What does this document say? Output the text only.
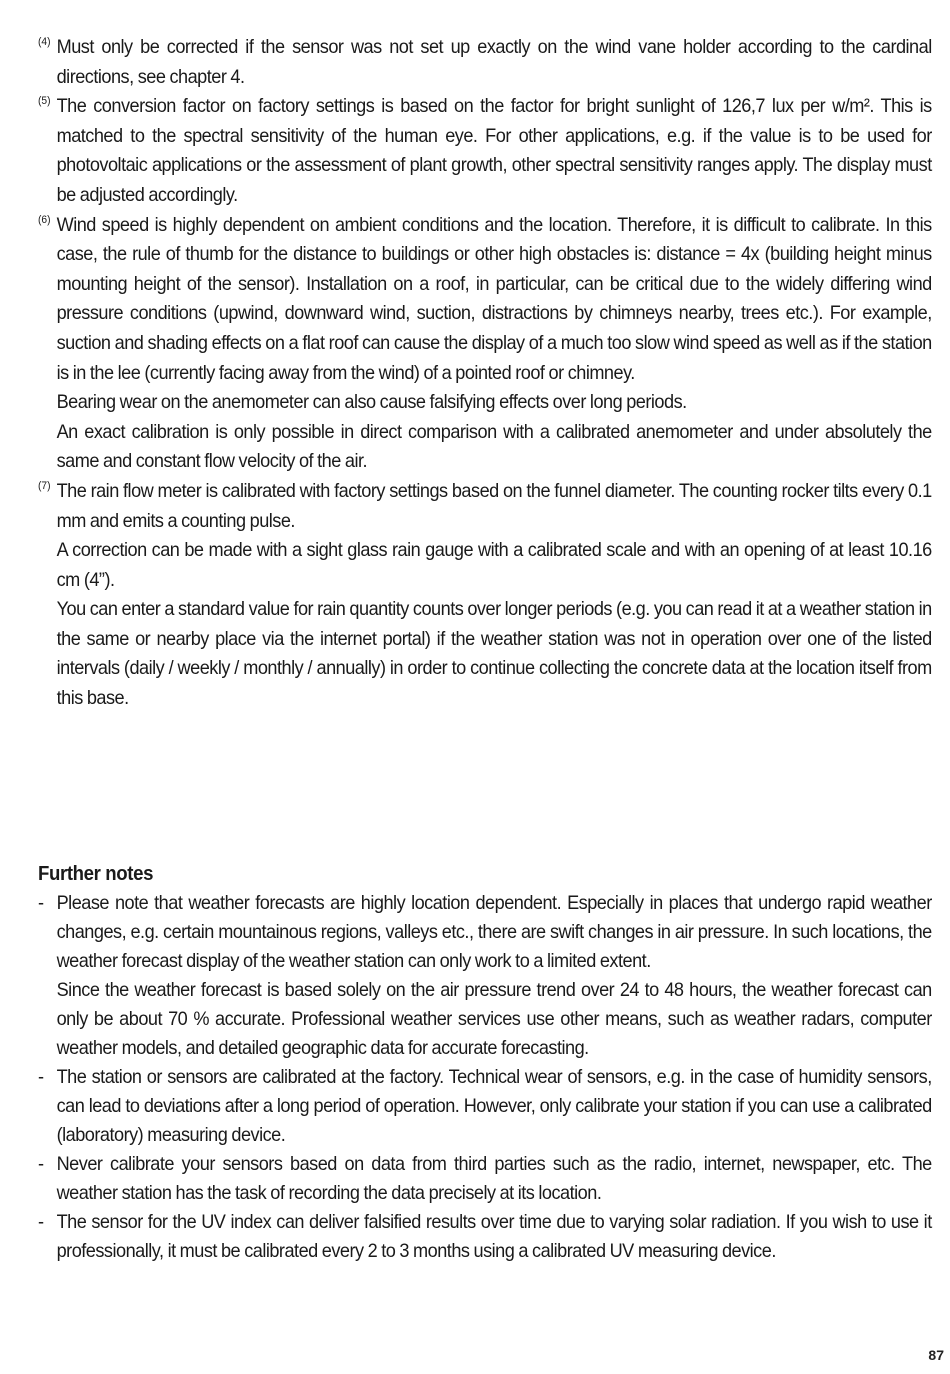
(4) Must only be corrected if the sensor was not set up exactly on the wind vane holder according to the cardinal directions, see chapter 4.

(5) The conversion factor on factory settings is based on the factor for bright sunlight of 126,7 lux per w/m². This is matched to the spectral sensitivity of the human eye. For other applications, e.g. if the value is to be used for photovoltaic applications or the assessment of plant growth, other spectral sensitivity ranges apply. The display must be adjusted accordingly.

(6) Wind speed is highly dependent on ambient conditions and the location. Therefore, it is difficult to calibrate. In this case, the rule of thumb for the distance to buildings or other high obstacles is: distance = 4x (building height minus mounting height of the sensor). Installation on a roof, in particular, can be critical due to the widely differing wind pressure conditions (upwind, downward wind, suction, distractions by chimneys nearby, trees etc.). For example, suction and shading effects on a flat roof can cause the display of a much too slow wind speed as well as if the station is in the lee (currently facing away from the wind) of a pointed roof or chimney.

Bearing wear on the anemometer can also cause falsifying effects over long periods.

An exact calibration is only possible in direct comparison with a calibrated anemometer and under absolutely the same and constant flow velocity of the air.

(7) The rain flow meter is calibrated with factory settings based on the funnel diameter. The counting rocker tilts every 0.1 mm and emits a counting pulse.

A correction can be made with a sight glass rain gauge with a calibrated scale and with an opening of at least 10.16 cm (4”).

You can enter a standard value for rain quantity counts over longer periods (e.g. you can read it at a weather station in the same or nearby place via the internet portal) if the weather station was not in operation over one of the listed intervals (daily / weekly / monthly / annually) in order to continue collecting the concrete data at the location itself from this base.

Further notes
- Please note that weather forecasts are highly location dependent. Especially in places that undergo rapid weather changes, e.g. certain mountainous regions, valleys etc., there are swift changes in air pressure. In such locations, the weather forecast display of the weather station can only work to a limited extent.

Since the weather forecast is based solely on the air pressure trend over 24 to 48 hours, the weather forecast can only be about 70 % accurate. Professional weather services use other means, such as weather radars, computer weather models, and detailed geographic data for accurate forecasting.

- The station or sensors are calibrated at the factory. Technical wear of sensors, e.g. in the case of humidity sensors, can lead to deviations after a long period of operation. However, only calibrate your station if you can use a calibrated (laboratory) measuring device.

- Never calibrate your sensors based on data from third parties such as the radio, internet, newspaper, etc. The weather station has the task of recording the data precisely at its location.

- The sensor for the UV index can deliver falsified results over time due to varying solar radiation. If you wish to use it professionally, it must be calibrated every 2 to 3 months using a calibrated UV measuring device.

87
